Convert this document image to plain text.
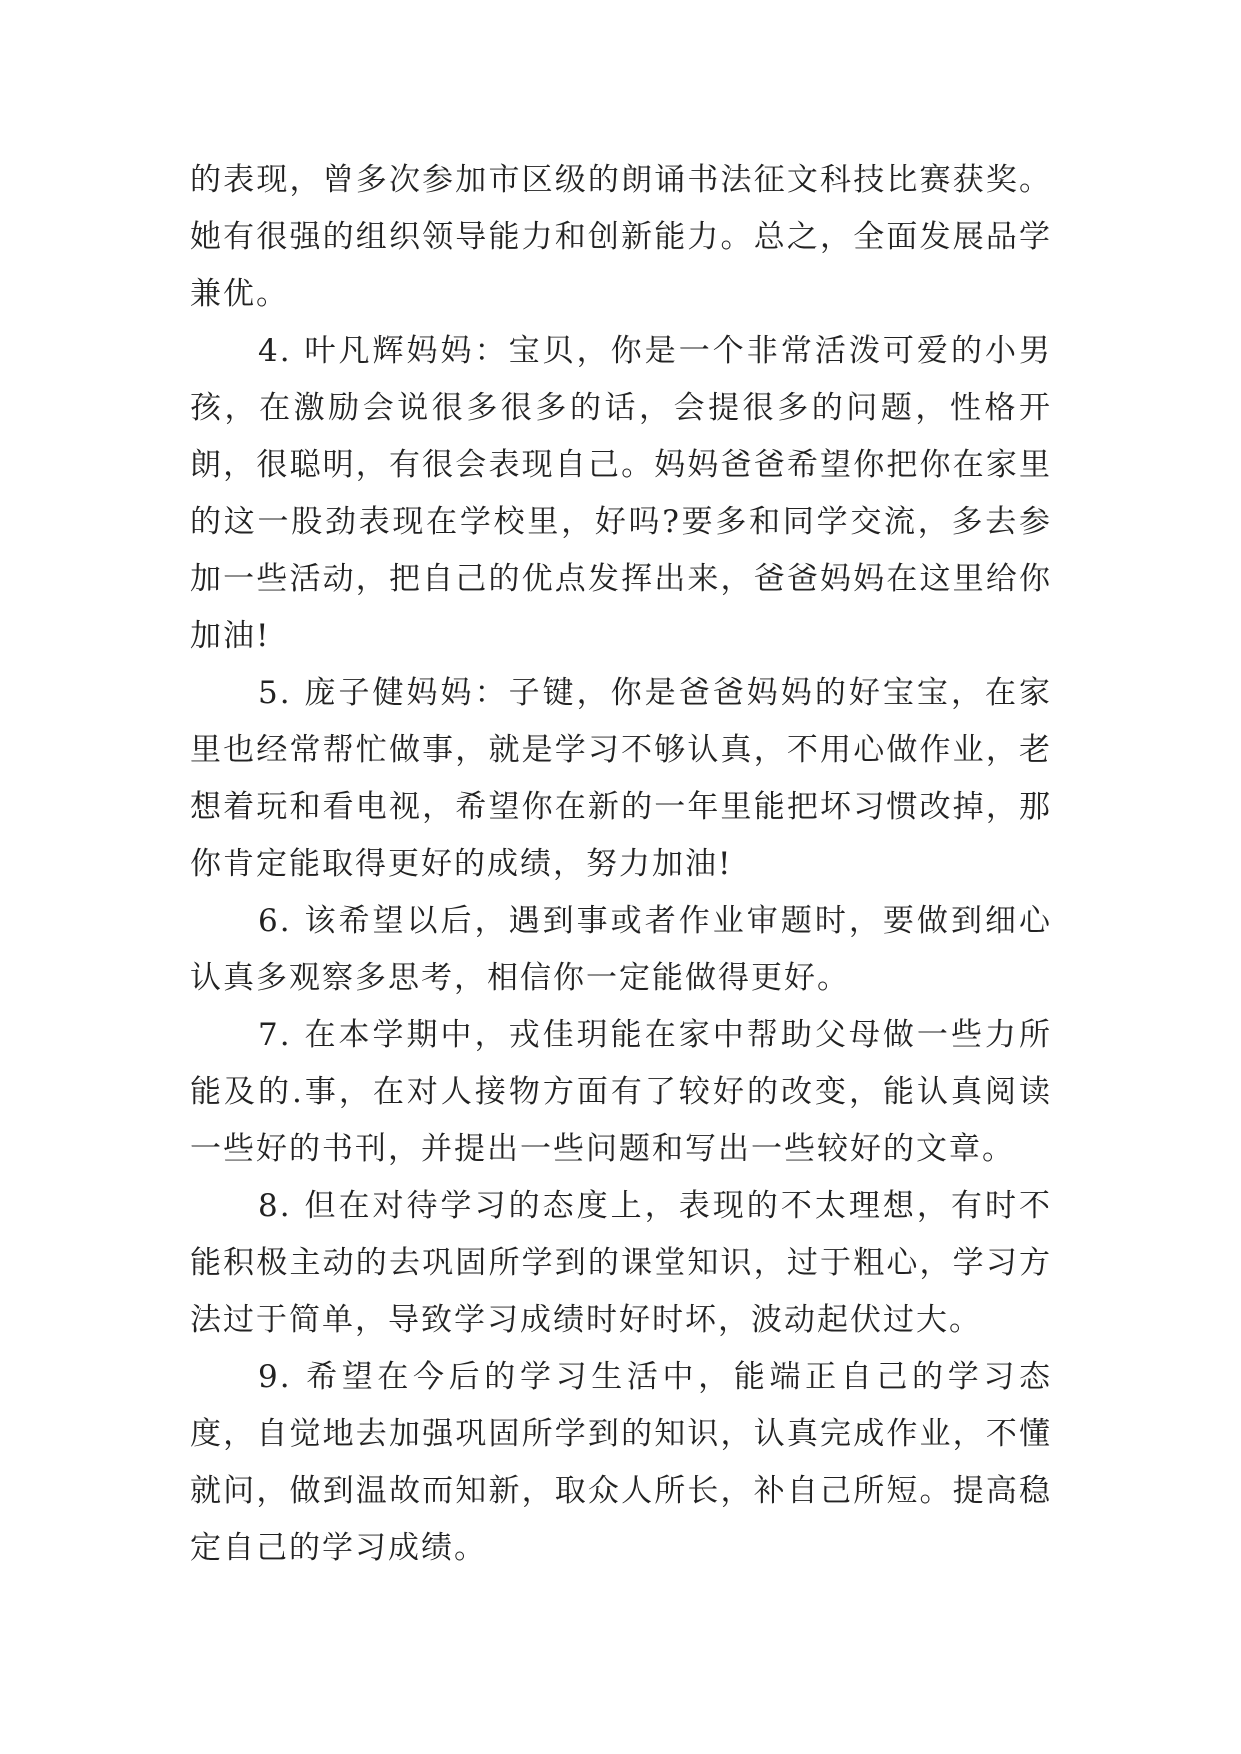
的表现，曾多次参加市区级的朗诵书法征文科技比赛获奖。她有很强的组织领导能力和创新能力。总之，全面发展品学兼优。

4. 叶凡辉妈妈：宝贝，你是一个非常活泼可爱的小男孩，在激励会说很多很多的话，会提很多的问题，性格开朗，很聪明，有很会表现自己。妈妈爸爸希望你把你在家里的这一股劲表现在学校里，好吗?要多和同学交流，多去参加一些活动，把自己的优点发挥出来，爸爸妈妈在这里给你加油!

5. 庞子健妈妈：子键，你是爸爸妈妈的好宝宝，在家里也经常帮忙做事，就是学习不够认真，不用心做作业，老想着玩和看电视，希望你在新的一年里能把坏习惯改掉，那你肯定能取得更好的成绩，努力加油!

6. 该希望以后，遇到事或者作业审题时，要做到细心认真多观察多思考，相信你一定能做得更好。

7. 在本学期中，戎佳玥能在家中帮助父母做一些力所能及的.事，在对人接物方面有了较好的改变，能认真阅读一些好的书刊，并提出一些问题和写出一些较好的文章。

8. 但在对待学习的态度上，表现的不太理想，有时不能积极主动的去巩固所学到的课堂知识，过于粗心，学习方法过于简单，导致学习成绩时好时坏，波动起伏过大。

9. 希望在今后的学习生活中，能端正自己的学习态度，自觉地去加强巩固所学到的知识，认真完成作业，不懂就问，做到温故而知新，取众人所长，补自己所短。提高稳定自己的学习成绩。
